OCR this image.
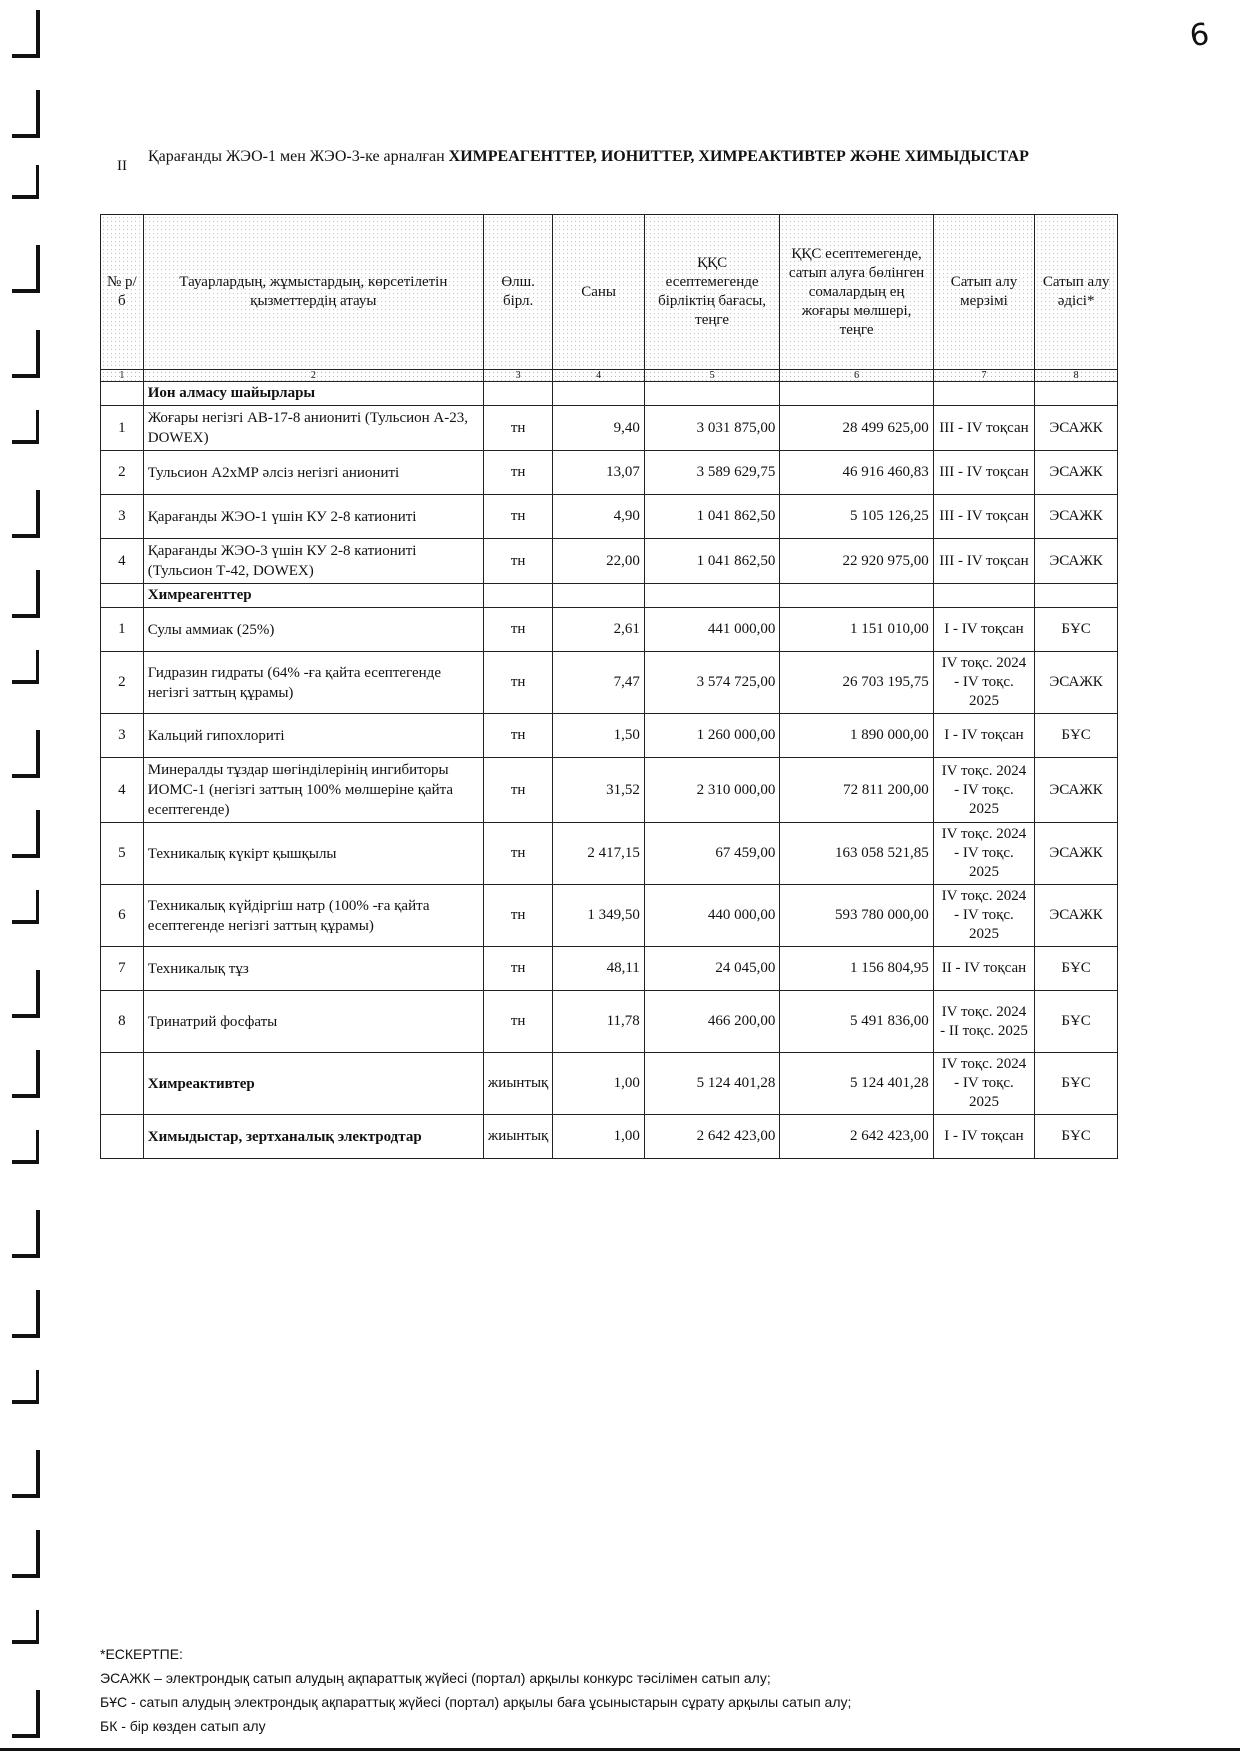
6
II
Қарағанды ЖЭО-1 мен ЖЭО-3-ке арналған ХИМРЕАГЕНТТЕР, ИОНИТТЕР, ХИМРЕАКТИВТЕР ЖӘНЕ ХИМЫДЫСТАР
№ р/б	Тауарлардың, жұмыстардың, көрсетілетін қызметтердің атауы	Өлш. бірл.	Саны	ҚҚС есептемегенде бірліктің бағасы, теңге	ҚҚС есептемегенде, сатып алуға бөлінген сомалардың ең жоғары мөлшері, теңге	Сатып алу мерзімі	Сатып алу әдісі*
1	2	3	4	5	6	7	8
	Ион алмасу шайырлары						
1	Жоғары негізгі АВ-17-8 анионитi (Тульсион А-23, DOWEX)	тн	9,40	3 031 875,00	28 499 625,00	III - IV тоқсан	ЭСАЖК
2	Тульсион А2хМР әлсіз негізгі анионитi	тн	13,07	3 589 629,75	46 916 460,83	III - IV тоқсан	ЭСАЖК
3	Қарағанды ЖЭО-1 үшін КУ 2-8 катионитi	тн	4,90	1 041 862,50	5 105 126,25	III - IV тоқсан	ЭСАЖК
4	Қарағанды ЖЭО-3 үшін КУ 2-8 катионитi (Тульсион Т-42, DOWEX)	тн	22,00	1 041 862,50	22 920 975,00	III - IV тоқсан	ЭСАЖК
	Химреагенттер						
1	Сулы аммиак (25%)	тн	2,61	441 000,00	1 151 010,00	I - IV тоқсан	БҰС
2	Гидразин гидраты (64% -ға қайта есептегенде негізгі заттың құрамы)	тн	7,47	3 574 725,00	26 703 195,75	IV тоқс. 2024 - IV тоқс. 2025	ЭСАЖК
3	Кальций гипохлориті	тн	1,50	1 260 000,00	1 890 000,00	I - IV тоқсан	БҰС
4	Минералды тұздар шөгінділерінің ингибиторы ИОМС-1 (негізгі заттың 100% мөлшеріне қайта есептегенде)	тн	31,52	2 310 000,00	72 811 200,00	IV тоқс. 2024 - IV тоқс. 2025	ЭСАЖК
5	Техникалық күкірт қышқылы	тн	2 417,15	67 459,00	163 058 521,85	IV тоқс. 2024 - IV тоқс. 2025	ЭСАЖК
6	Техникалық күйдіргіш натр (100% -ға қайта есептегенде негізгі заттың құрамы)	тн	1 349,50	440 000,00	593 780 000,00	IV тоқс. 2024 - IV тоқс. 2025	ЭСАЖК
7	Техникалық тұз	тн	48,11	24 045,00	1 156 804,95	II - IV тоқсан	БҰС
8	Тринатрий фосфаты	тн	11,78	466 200,00	5 491 836,00	IV тоқс. 2024 - II тоқс. 2025	БҰС
	Химреактивтер	жиынтық	1,00	5 124 401,28	5 124 401,28	IV тоқс. 2024 - IV тоқс. 2025	БҰС
	Химыдыстар, зертханалық электродтар	жиынтық	1,00	2 642 423,00	2 642 423,00	I - IV тоқсан	БҰС
*ЕСКЕРТПЕ:
ЭСАЖК – электрондық сатып алудың ақпараттық жүйесі (портал) арқылы конкурс тәсілімен сатып алу;
БҰС - сатып алудың электрондық ақпараттық жүйесі (портал) арқылы баға ұсыныстарын сұрату арқылы сатып алу;
БК - бір көзден сатып алу
